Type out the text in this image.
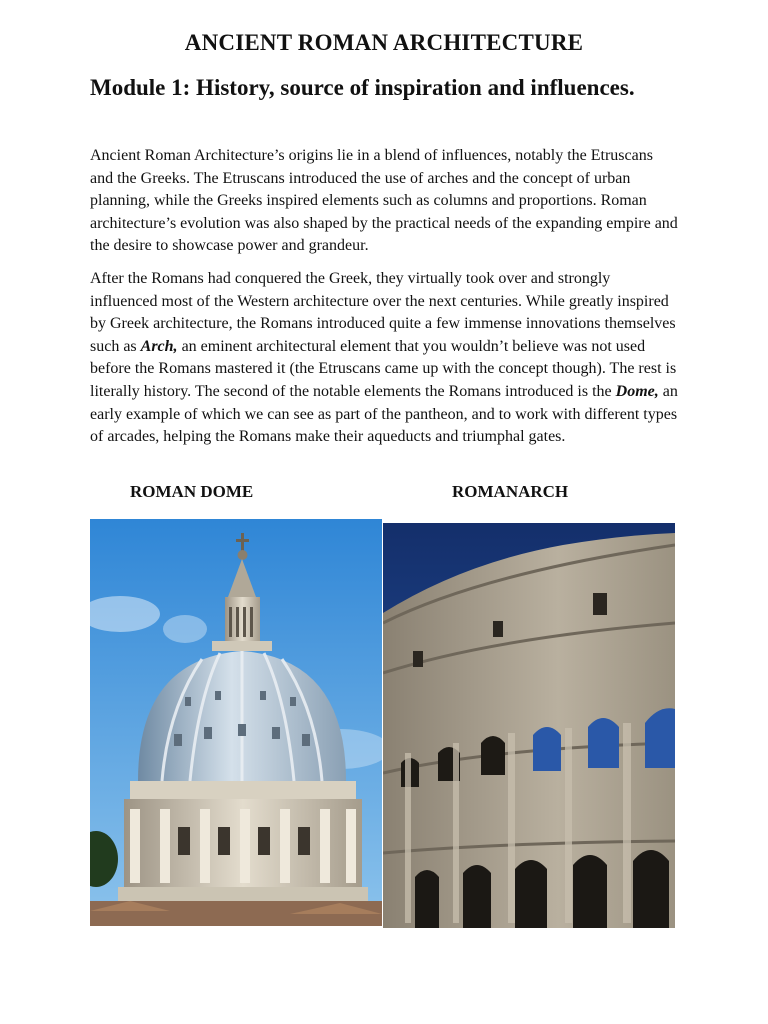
ANCIENT ROMAN ARCHITECTURE
Module 1: History, source of inspiration and influences.

Ancient Roman Architecture’s origins lie in a blend of influences, notably the Etruscans and the Greeks. The Etruscans introduced the use of arches and the concept of urban planning, while the Greeks inspired elements such as columns and proportions. Roman architecture’s evolution was also shaped by the practical needs of the expanding empire and the desire to showcase power and grandeur.

After the Romans had conquered the Greek, they virtually took over and strongly influenced most of the Western architecture over the next centuries. While greatly inspired by Greek architecture, the Romans introduced quite a few immense innovations themselves such as Arch, an eminent architectural element that you wouldn’t believe was not used before the Romans mastered it (the Etruscans came up with the concept though). The rest is literally history. The second of the notable elements the Romans introduced is the Dome, an early example of which we can see as part of the pantheon, and to work with different types of arcades, helping the Romans make their aqueducts and triumphal gates.

ROMAN DOME	ROMANARCH
